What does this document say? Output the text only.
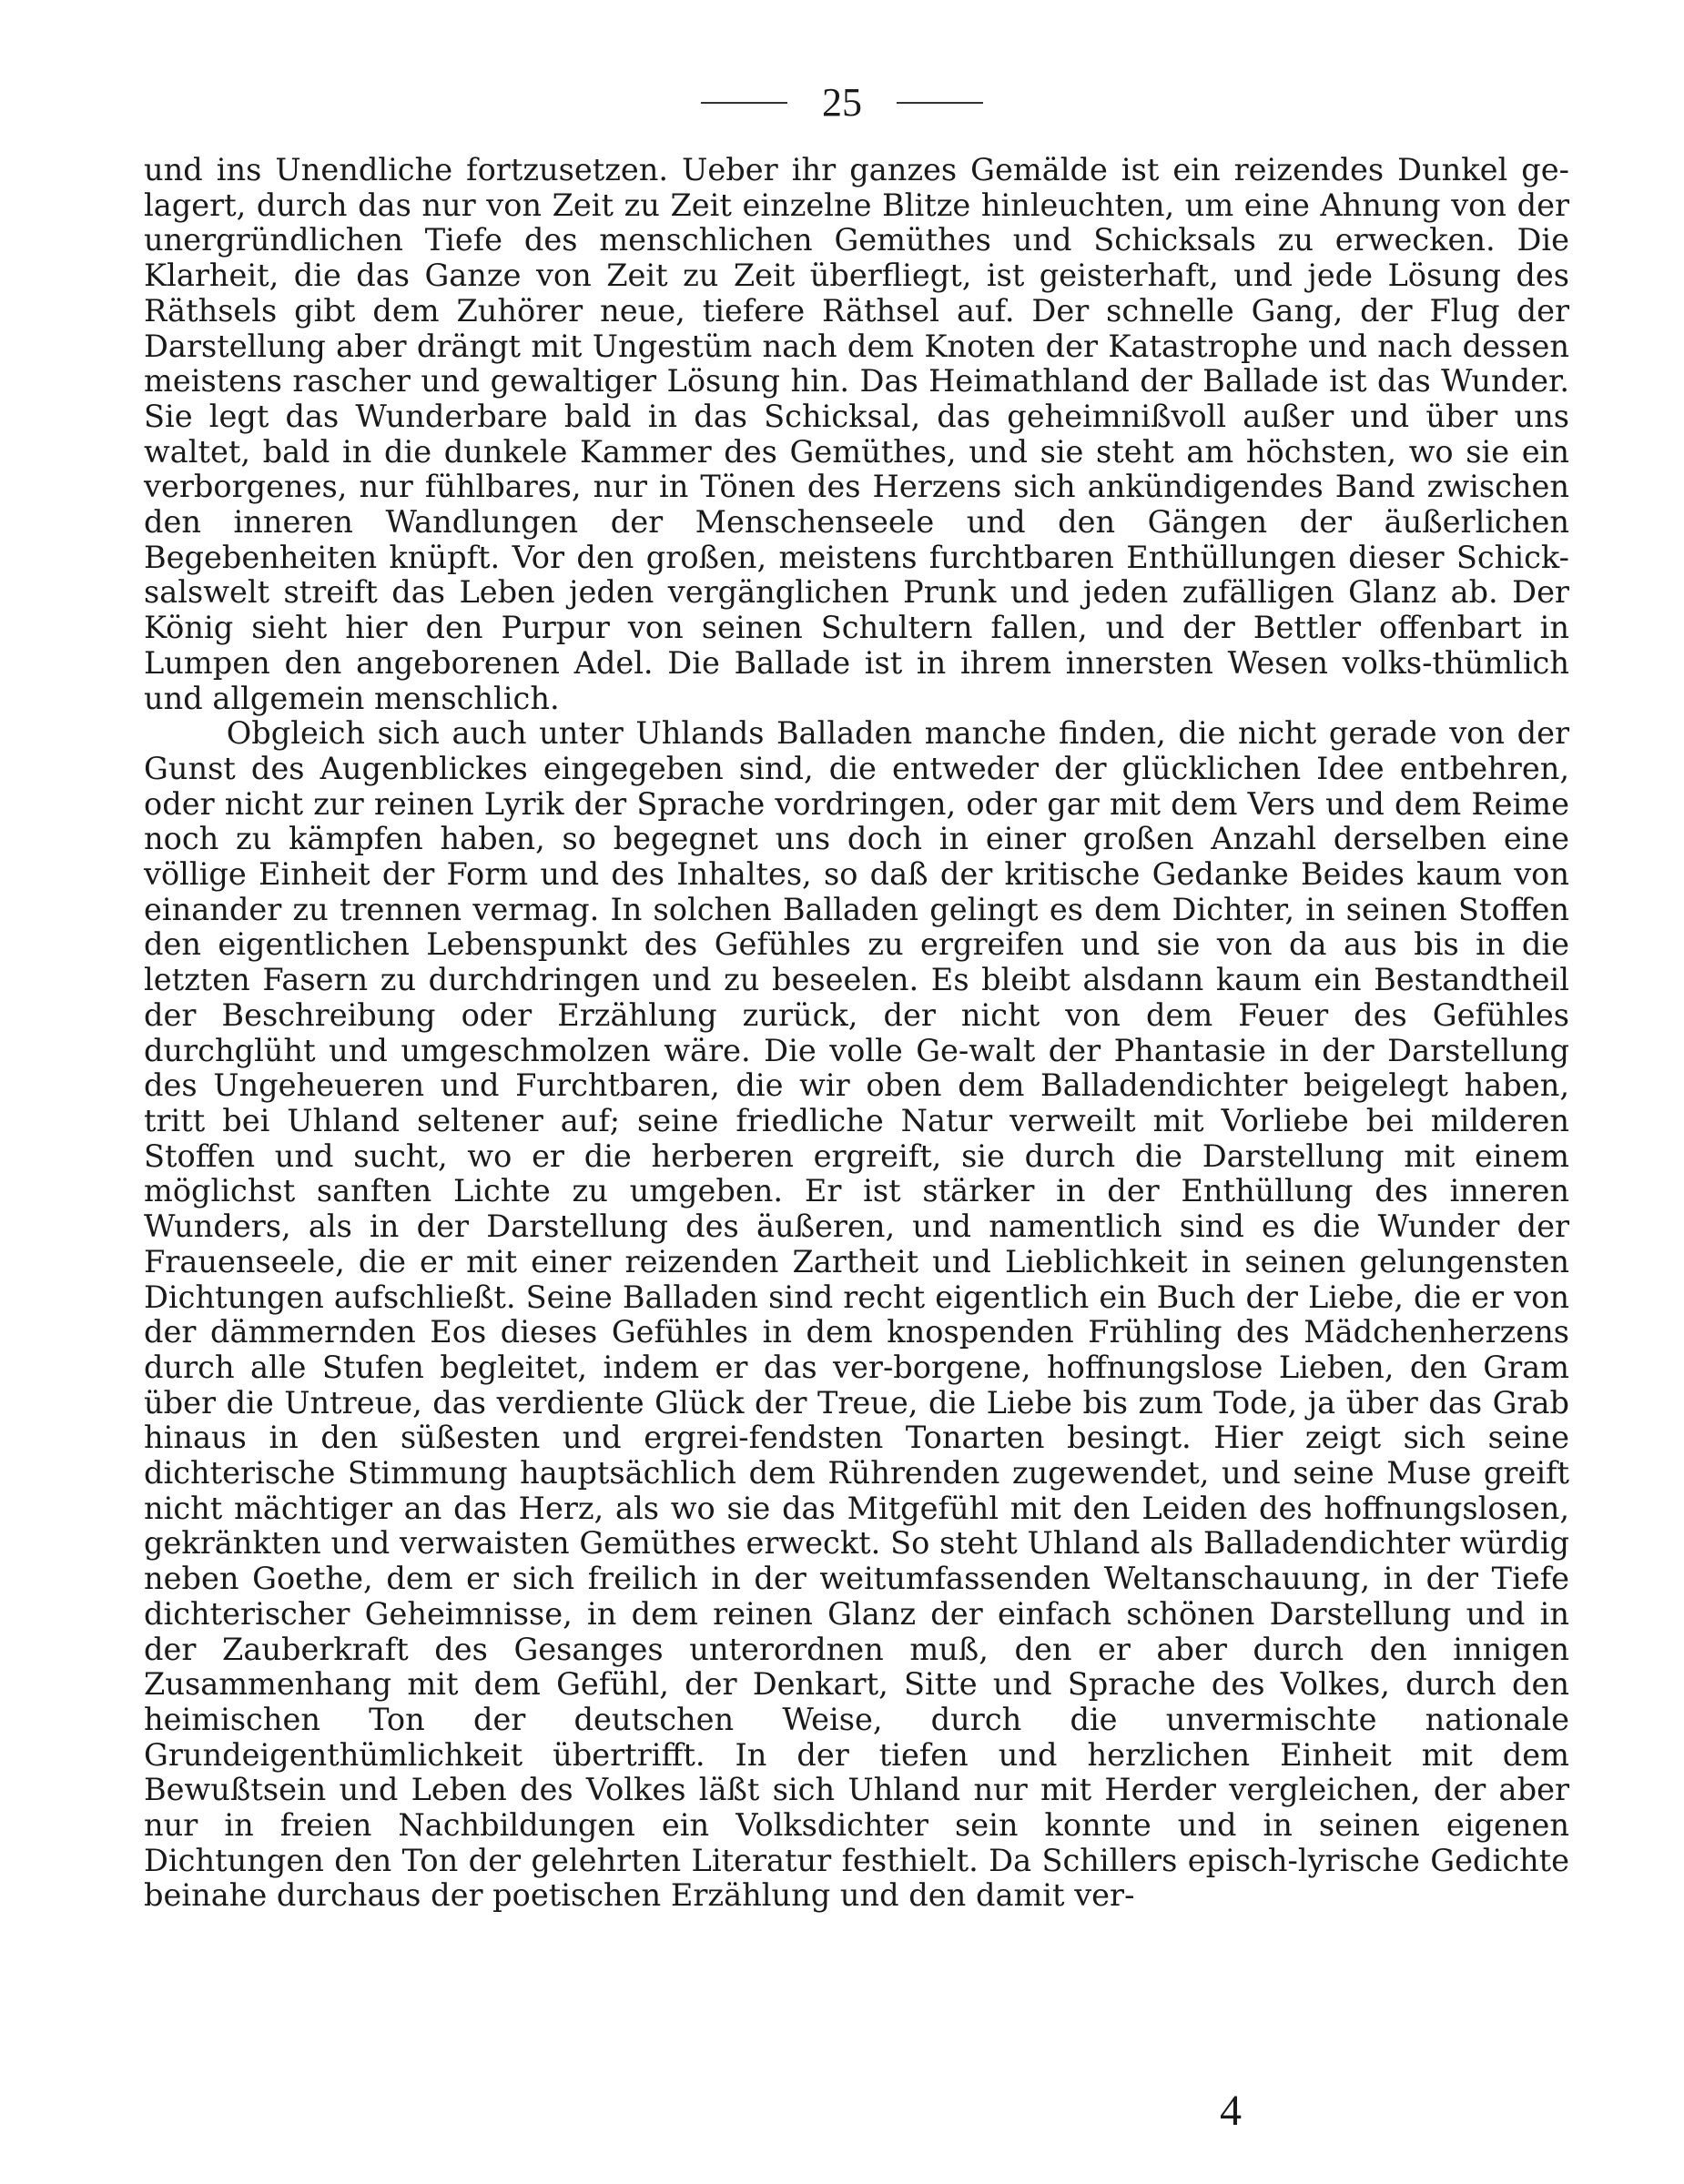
25

und ins Unendliche fortzusetzen. Ueber ihr ganzes Gemälde ist ein reizendes Dunkel ge-lagert, durch das nur von Zeit zu Zeit einzelne Blitze hinleuchten, um eine Ahnung von der unergründlichen Tiefe des menschlichen Gemüthes und Schicksals zu erwecken. Die Klarheit, die das Ganze von Zeit zu Zeit überfliegt, ist geisterhaft, und jede Lösung des Räthsels gibt dem Zuhörer neue, tiefere Räthsel auf. Der schnelle Gang, der Flug der Darstellung aber drängt mit Ungestüm nach dem Knoten der Katastrophe und nach dessen meistens rascher und gewaltiger Lösung hin. Das Heimathland der Ballade ist das Wunder. Sie legt das Wunderbare bald in das Schicksal, das geheimnißvoll außer und über uns waltet, bald in die dunkele Kammer des Gemüthes, und sie steht am höchsten, wo sie ein verborgenes, nur fühlbares, nur in Tönen des Herzens sich ankündigendes Band zwischen den inneren Wandlungen der Menschenseele und den Gängen der äußerlichen Begebenheiten knüpft. Vor den großen, meistens furchtbaren Enthüllungen dieser Schick-salswelt streift das Leben jeden vergänglichen Prunk und jeden zufälligen Glanz ab. Der König sieht hier den Purpur von seinen Schultern fallen, und der Bettler offenbart in Lumpen den angeborenen Adel. Die Ballade ist in ihrem innersten Wesen volks-thümlich und allgemein menschlich.

Obgleich sich auch unter Uhlands Balladen manche finden, die nicht gerade von der Gunst des Augenblickes eingegeben sind, die entweder der glücklichen Idee entbehren, oder nicht zur reinen Lyrik der Sprache vordringen, oder gar mit dem Vers und dem Reime noch zu kämpfen haben, so begegnet uns doch in einer großen Anzahl derselben eine völlige Einheit der Form und des Inhaltes, so daß der kritische Gedanke Beides kaum von einander zu trennen vermag. In solchen Balladen gelingt es dem Dichter, in seinen Stoffen den eigentlichen Lebenspunkt des Gefühles zu ergreifen und sie von da aus bis in die letzten Fasern zu durchdringen und zu beseelen. Es bleibt alsdann kaum ein Bestandtheil der Beschreibung oder Erzählung zurück, der nicht von dem Feuer des Gefühles durchglüht und umgeschmolzen wäre. Die volle Ge-walt der Phantasie in der Darstellung des Ungeheueren und Furchtbaren, die wir oben dem Balladendichter beigelegt haben, tritt bei Uhland seltener auf; seine friedliche Natur verweilt mit Vorliebe bei milderen Stoffen und sucht, wo er die herberen ergreift, sie durch die Darstellung mit einem möglichst sanften Lichte zu umgeben. Er ist stärker in der Enthüllung des inneren Wunders, als in der Darstellung des äußeren, und namentlich sind es die Wunder der Frauenseele, die er mit einer reizenden Zartheit und Lieblichkeit in seinen gelungensten Dichtungen aufschließt. Seine Balladen sind recht eigentlich ein Buch der Liebe, die er von der dämmernden Eos dieses Gefühles in dem knospenden Frühling des Mädchenherzens durch alle Stufen begleitet, indem er das ver-borgene, hoffnungslose Lieben, den Gram über die Untreue, das verdiente Glück der Treue, die Liebe bis zum Tode, ja über das Grab hinaus in den süßesten und ergrei-fendsten Tonarten besingt. Hier zeigt sich seine dichterische Stimmung hauptsächlich dem Rührenden zugewendet, und seine Muse greift nicht mächtiger an das Herz, als wo sie das Mitgefühl mit den Leiden des hoffnungslosen, gekränkten und verwaisten Gemüthes erweckt. So steht Uhland als Balladendichter würdig neben Goethe, dem er sich freilich in der weitumfassenden Weltanschauung, in der Tiefe dichterischer Geheimnisse, in dem reinen Glanz der einfach schönen Darstellung und in der Zauberkraft des Gesanges unterordnen muß, den er aber durch den innigen Zusammenhang mit dem Gefühl, der Denkart, Sitte und Sprache des Volkes, durch den heimischen Ton der deutschen Weise, durch die unvermischte nationale Grundeigenthümlichkeit übertrifft. In der tiefen und herzlichen Einheit mit dem Bewußtsein und Leben des Volkes läßt sich Uhland nur mit Herder vergleichen, der aber nur in freien Nachbildungen ein Volksdichter sein konnte und in seinen eigenen Dichtungen den Ton der gelehrten Literatur festhielt. Da Schillers episch-lyrische Gedichte beinahe durchaus der poetischen Erzählung und den damit ver-

4
